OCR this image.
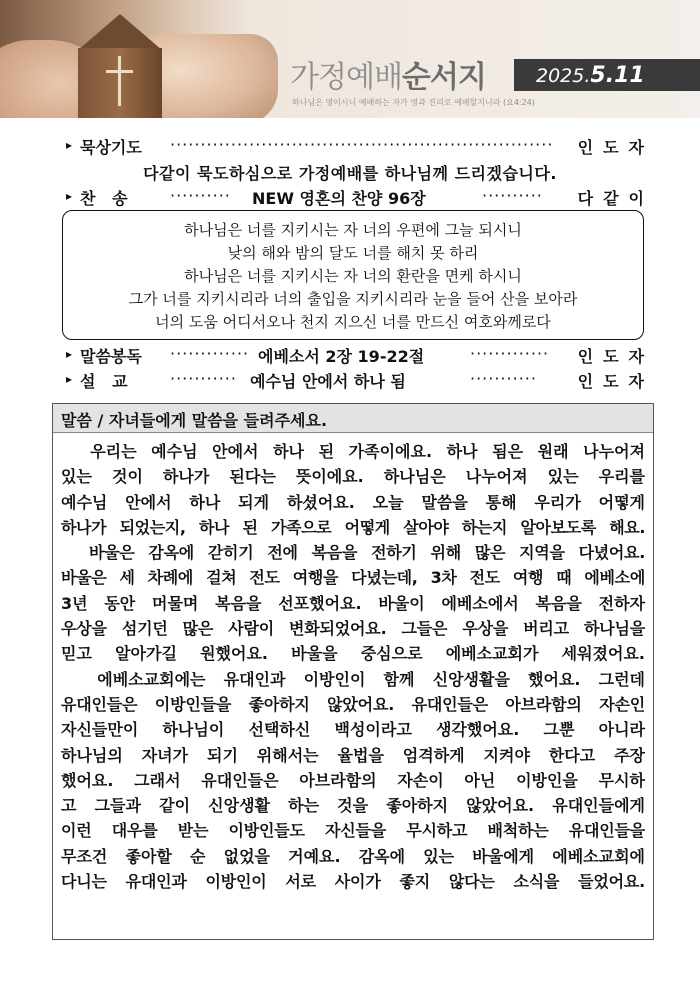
가정예배순서지	2025.5.11
하나님은 영이시니 예배하는 자가 영과 진리로 예배할지니라 (요4:24)
▸ 묵상기도 ······························································· 인도자
다같이 묵도하심으로 가정예배를 하나님께 드리겠습니다.
▸ 찬   송	·········· NEW 영혼의 찬양 96장	·········· 다같이
하나님은 너를 지키시는 자 너의 우편에 그늘 되시니
낮의 해와 밤의 달도 너를 해치 못 하리
하나님은 너를 지키시는 자 너의 환란을 면케 하시니
그가 너를 지키시리라 너의 출입을 지키시리라 눈을 들어 산을 보아라
너의 도움 어디서오나 천지 지으신 너를 만드신 여호와께로다
▸ 말씀봉독 ············· 에베소서 2장 19-22절	············· 인도자
▸ 설   교	··········· 예수님 안에서 하나 됨	···········	인도자
말씀 / 자녀들에게 말씀을 들려주세요.
우리는 예수님 안에서 하나 된 가족이에요. 하나 됨은 원래 나누어져
있는 것이 하나가 된다는 뜻이에요. 하나님은 나누어져 있는 우리를
예수님 안에서 하나 되게 하셨어요. 오늘 말씀을 통해 우리가 어떻게
하나가 되었는지, 하나 된 가족으로 어떻게 살아야 하는지 알아보도록 해요.
바울은 감옥에 갇히기 전에 복음을 전하기 위해 많은 지역을 다녔어요.
바울은 세 차례에 걸쳐 전도 여행을 다녔는데, 3차 전도 여행 때 에베소에
3년 동안 머물며 복음을 선포했어요. 바울이 에베소에서 복음을 전하자
우상을 섬기던 많은 사람이 변화되었어요. 그들은 우상을 버리고 하나님을
믿고 알아가길 원했어요. 바울을 중심으로 에베소교회가 세워졌어요.
에베소교회에는 유대인과 이방인이 함께 신앙생활을 했어요. 그런데
유대인들은 이방인들을 좋아하지 않았어요. 유대인들은 아브라함의 자손인
자신들만이 하나님이 선택하신 백성이라고 생각했어요. 그뿐 아니라
하나님의 자녀가 되기 위해서는 율법을 엄격하게 지켜야 한다고 주장
했어요. 그래서 유대인들은 아브라함의 자손이 아닌 이방인을 무시하
고 그들과 같이 신앙생활 하는 것을 좋아하지 않았어요. 유대인들에게
이런 대우를 받는 이방인들도 자신들을 무시하고 배척하는 유대인들을
무조건 좋아할 순 없었을 거예요. 감옥에 있는 바울에게 에베소교회에
다니는 유대인과 이방인이 서로 사이가 좋지 않다는 소식을 들었어요.
